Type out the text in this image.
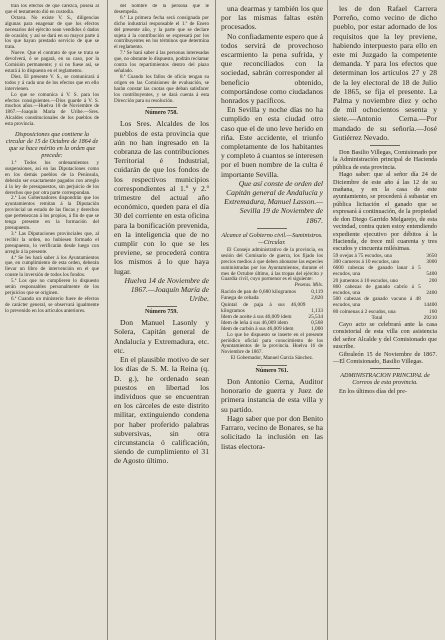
tran los efectos de que carezca, poseía al que el testamento dió en custodia.

Octava. No existe V. S., diligencias algunas para enagenar de que los efectos necesarios del ejército sean vendidos ó dados de ocasión; y así se dará en su mayor parte á los que hayan prestado servicio de que se trata.

Nueve. Que el contrato de que se trata se devolverá, ó se pagará, en su caso, por la Comisión permanente; y si no fuese así, se estará á lo dispuesto en el reglamento.

Diez. El presente V. S., se comunicará á todos y á cada uno de los efectos que en ello intervienen.

Lo que se comunica á V. S. para los efectos consiguientes.—Dios guarde á V. S. muchos años.—Huelva 18 de Noviembre de 1867.—Joaquín María de Uribe.—Sres. Alcaldes constitucionales de los pueblos de esta provincia.

Disposiciones que contiene la circular de 15 de Octubre de 1864 de que se hace mérito en la orden que precede:

1.ª Todos los ordenamientos y suspensiones, así en las Diputaciones como en los demás pueblos de la Península, deberán ser exactamente pagados con arreglo á la ley de presupuestos, sin perjuicio de los derechos que por otra parte correspondan.

2.ª Los Gobernadores dispondrán que los ayuntamientos remitan á la Diputación provincial un estado de las fincas y derechos que pertenezcan á los propios, á fin de que se tenga presente en la formación del presupuesto.

3.ª Las Diputaciones provinciales que, al recibir la orden, no hubiesen formado el presupuesto, lo verificarán desde luego con arreglo á la presente.

4.ª Se les hará saber á los Ayuntamientos que, en cumplimiento de esta orden, deberán llevar un libro de intervención en el que conste la inversión de todos los fondos.

5.ª Los que no cumplieren lo dispuesto serán responsables personalmente de los perjuicios que se originen.

6.ª Cuando un ministerio fuere de efectos de carácter general, se observará igualmente lo prevenido en los artículos anteriores.

del nombre de la persona que le desempeña.

6.ª La primera fecha será consignada por dicho industrial responsable el 1.º de Enero del presente año, y la parte que se declare sujeta á la contribución se expresará por los contribuyentes en los términos que determina el reglamento.

7.ª Se hará saber á las personas interesadas que, no obstante lo dispuesto, podrán reclamar contra los repartimientos dentro del plazo señalado.

8.ª Cuando los fallos de oficio tengan su origen en las Comisiones de evaluación, se harán constar las cuotas que deban satisfacer los contribuyentes, y se dará cuenta á esta Dirección para su resolución.

Número 758.

Los Sres. Alcaldes de los pueblos de esta provincia que aún no han ingresado en la cobranza de las contribuciones Territorial é Industrial, cuidarán de que los fondos de los respectivos municipios correspondientes al 1.º y 2.º trimestre del actual año económico, queden para el día 30 del corriente en esta oficina para la bonificación prevenida, en la inteligencia que de no cumplir con lo que se les previene, se procederá contra los mismos á lo que haya lugar.

Huelva 14 de Noviembre de 1867.—Joaquín María de Uribe.

Número 759.

Don Manuel Lasonly y Solera, Capitán general de Andalucía y Extremadura, etc. etc.

En el plausible motivo de ser los días de S. M. la Reina (q. D. g.), he ordenado sean puestos en libertad los individuos que se encuentran en los cárceles de este distrito militar, extinguiendo condena por haber proferido palabras subversivas, sin otra circunstancia ó calificación, siendo de cumplimiento el 31 de Agosto último.

una dearmas y también los que por las mismas faltas estén procesados.

No confiadamente espero que á todos servirá de provechoso escarmiento la pena sufrida, y que reconciliados con la sociedad, sabrán corresponder al beneficio obtenido, comportándose como ciudadanos honrados y pacíficos.

En Sevilla y noche días no ha cumplido en esta ciudad otro caso que el de uno leve herido en riña. Este accidente, el triunfo completamente de los habitantes y completo á cuantos se interesen por el buen nombre de la culta é importante Sevilla.

Que así conste de orden del Capitán general de Andalucía y Extremadura, Manuel Lasson.—Sevilla 19 de Noviembre de 1867.

Alcance al Gobierno civil.—Suministros.—Circular.

El Consejo administrativo de la provincia, en sesión del Comisario de guerra, los fijado los precios medios á que deben abonarse las especies suministradas por los Ayuntamientos, durante el mes de Octubre último, á las tropas del ejército y Guardia civil, cuyo pormenor es el siguiente:

Pesetas. Mils.

Ración de pan de 0,680 kilogramos	0,119
Fanega de cebada	2,820
Quintal de paja á sus 46,009 kilogramos	1,133
Idem de aceite á sus 46,009 idem	25,534
Idem de leña á sus 46,009 idem	0,568
Idem de carbón á sus 46,009 idem	1,000

Lo que he dispuesto se inserte en el presente periódico oficial para conocimiento de los Ayuntamientos de la provincia. Huelva 16 de Noviembre de 1867.

El Gobernador, Manuel García Sánchez.

Número 761.

Don Antonio Cerna, Auditor honorario de guerra y Juez de primera instancia de esta villa y su partido.

Hago saber que por don Benito Farraro, vecino de Bonares, se ha solicitado la inclusión en las listas electora-

les de don Rafael Carrera Porreño, como vecino de dicho pueblo, por estar adornado de los requisitos que la ley previene, habiendo interpuesto para ello en este mi Juzgado la competente demanda. Y para los efectos que determinan los artículos 27 y 28 de la ley electoral de 18 de Julio de 1865, se fija el presente. La Palma y noviembre diez y ocho de mil ochocientos sesenta y siete.—Antonio Cerna.—Por mandado de su señoría.—José Gutiérrez Nevado.

Don Basilio Villegas, Comisionado por la Administración principal de Hacienda pública de esta provincia.

Hago saber: que al señor día 24 de Diciembre de este año á las 12 de su mañana, y en la casa de este ayuntamiento, se procederá á subastar en pública licitación el ganado que se expresará á continuación, de la propiedad de don Diego Garrido Melgarejo, de esta vecindad, contra quien estoy entendiendo expediente ejecutivo por débitos á la Hacienda, de trece mil cuarenta y tres escudos y cincuenta milésimas.

59 ovejas á 75 escudos, una	3650
300 carneros á 10 escudos, uno	3000
6600 cabezas de ganado lanar á 5 escudos, una	5400
20 jumentos á 10 escudos, uno	200
860 cabezas de ganado cabrío á 5 escudos, una	2400
500 cabezas de ganado vacuno á 48 escudos, una	14400
80 colmenas á 2 escudos, una	160
Total	29210

Cayo acto se celebrará ante la casa consistorial de esta villa con asistencia del señor Alcalde y del Comisionado que suscribe.

Gibraleón 15 de Noviembre de 1867.—El Comisionado, Basilio Villegas.

ADMINISTRACION PRINCIPAL de Correos de esta provincia.

En los últimos días del pre-
